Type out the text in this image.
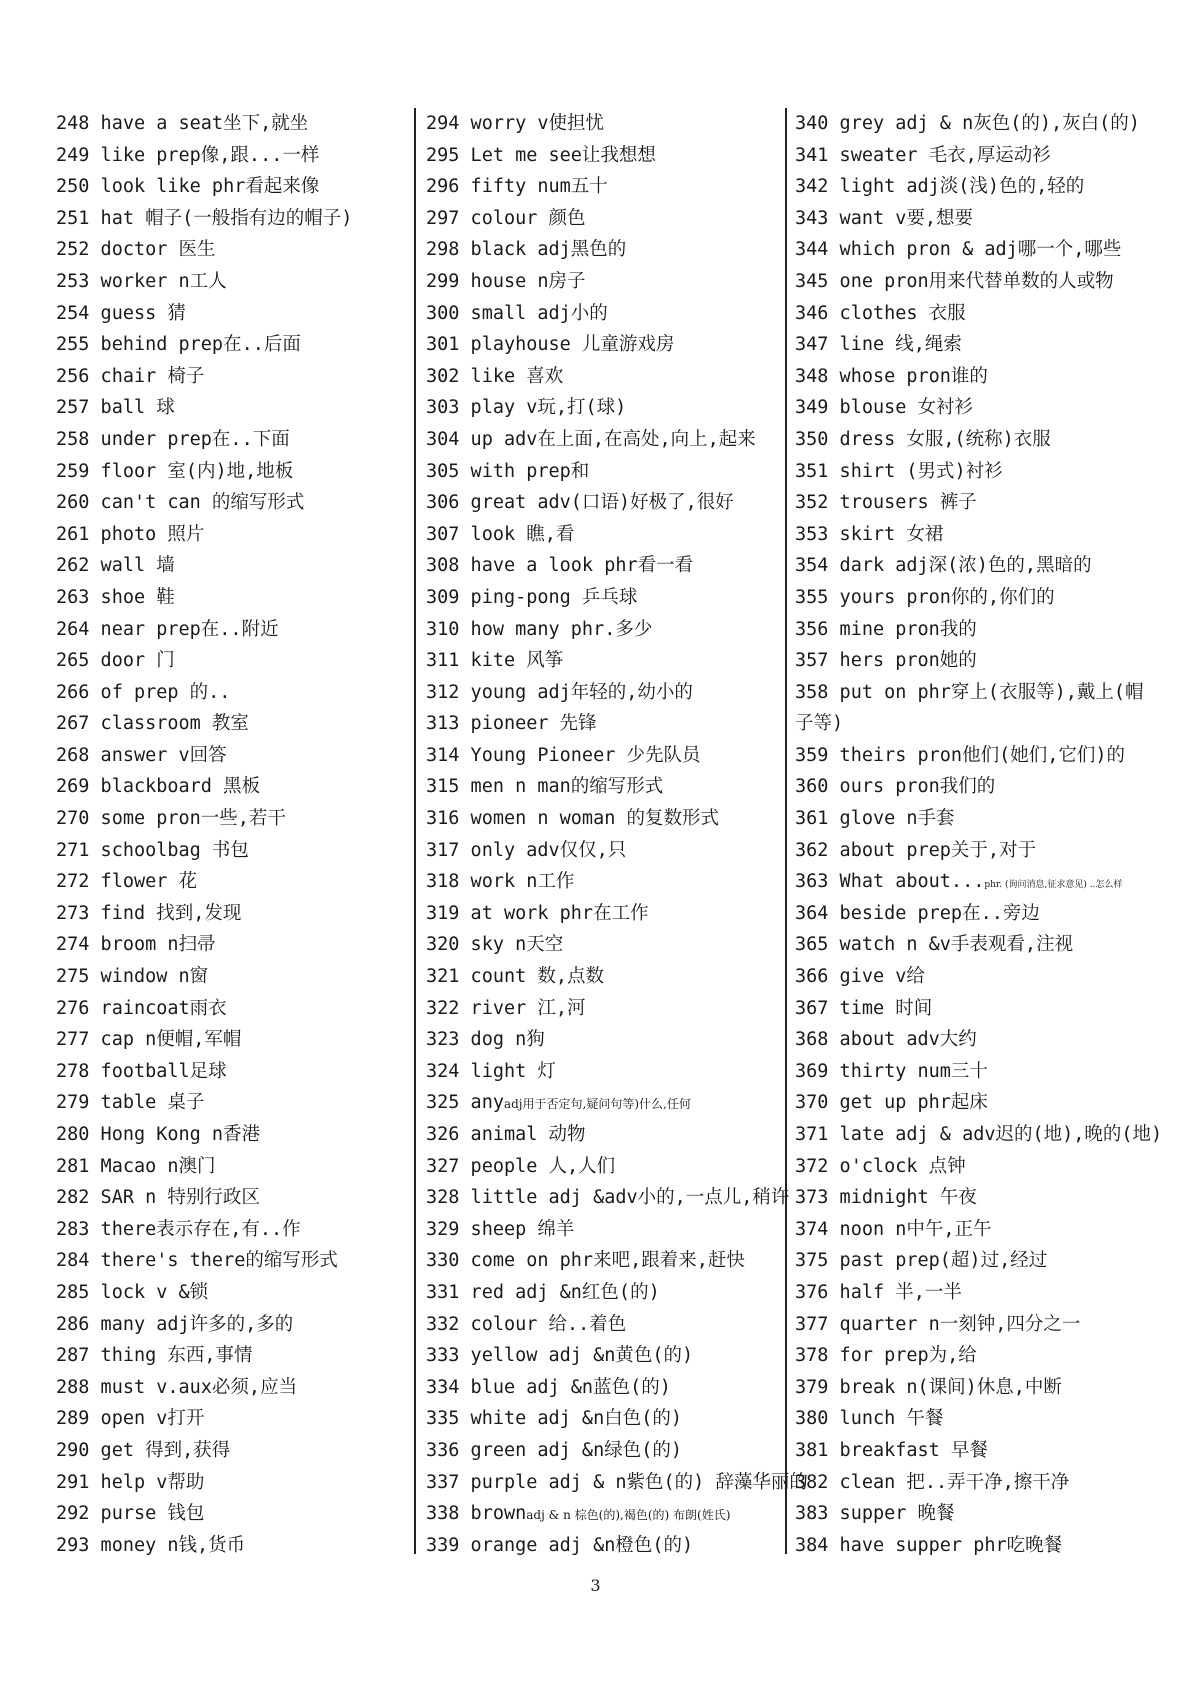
248 have a seat坐下,就坐
249 like prep像,跟...一样
250 look like phr看起来像
251 hat 帽子(一般指有边的帽子)
252 doctor 医生
253 worker n工人
254 guess 猜
255 behind prep在..后面
256 chair 椅子
257 ball 球
258 under prep在..下面
259 floor 室(内)地,地板
260 can't can 的缩写形式
261 photo 照片
262 wall 墙
263 shoe 鞋
264 near prep在..附近
265 door 门
266 of prep 的..
267 classroom 教室
268 answer v回答
269 blackboard 黑板
270 some pron一些,若干
271 schoolbag 书包
272 flower 花
273 find 找到,发现
274 broom n扫帚
275 window n窗
276 raincoat雨衣
277 cap n便帽,军帽
278 football足球
279 table 桌子
280 Hong Kong n香港
281 Macao n澳门
282 SAR n 特别行政区
283 there表示存在,有..作
284 there's there的缩写形式
285 lock v &锁
286 many adj许多的,多的
287 thing 东西,事情
288 must v.aux必须,应当
289 open v打开
290 get 得到,获得
291 help v帮助
292 purse 钱包
293 money n钱,货币
294 worry v使担忧
295 Let me see让我想想
296 fifty num五十
297 colour 颜色
298 black adj黑色的
299 house n房子
300 small adj小的
301 playhouse 儿童游戏房
302 like 喜欢
303 play v玩,打(球)
304 up adv在上面,在高处,向上,起来
305 with prep和
306 great adv(口语)好极了,很好
307 look 瞧,看
308 have a look phr看一看
309 ping-pong 乒乓球
310 how many phr.多少
311 kite 风筝
312 young adj年轻的,幼小的
313 pioneer 先锋
314 Young Pioneer 少先队员
315 men n man的缩写形式
316 women n woman 的复数形式
317 only adv仅仅,只
318 work n工作
319 at work phr在工作
320 sky n天空
321 count 数,点数
322 river 江,河
323 dog n狗
324 light 灯
325 anyadj用于否定句,疑问句等)什么,任何
326 animal 动物
327 people 人,人们
328 little adj &adv小的,一点儿,稍许
329 sheep 绵羊
330 come on phr来吧,跟着来,赶快
331 red adj &n红色(的)
332 colour 给..着色
333 yellow adj &n黄色(的)
334 blue adj &n蓝色(的)
335 white adj &n白色(的)
336 green adj &n绿色(的)
337 purple adj & n紫色(的) 辞藻华丽的
338 brownadj & n 棕色(的),褐色(的) 布朗(姓氏)
339 orange adj &n橙色(的)
340 grey adj & n灰色(的),灰白(的)
341 sweater 毛衣,厚运动衫
342 light adj淡(浅)色的,轻的
343 want v要,想要
344 which pron & adj哪一个,哪些
345 one pron用来代替单数的人或物
346 clothes 衣服
347 line 线,绳索
348 whose pron谁的
349 blouse 女衬衫
350 dress 女服,(统称)衣服
351 shirt (男式)衬衫
352 trousers 裤子
353 skirt 女裙
354 dark adj深(浓)色的,黑暗的
355 yours pron你的,你们的
356 mine pron我的
357 hers pron她的
358 put on phr穿上(衣服等),戴上(帽子等)
359 theirs pron他们(她们,它们)的
360 ours pron我们的
361 glove n手套
362 about prep关于,对于
363 What about...phr. (询问消息,征求意见) ..怎么样
364 beside prep在..旁边
365 watch n &v手表观看,注视
366 give v给
367 time 时间
368 about adv大约
369 thirty num三十
370 get up phr起床
371 late adj & adv迟的(地),晚的(地)
372 o'clock 点钟
373 midnight 午夜
374 noon n中午,正午
375 past prep(超)过,经过
376 half 半,一半
377 quarter n一刻钟,四分之一
378 for prep为,给
379 break n(课间)休息,中断
380 lunch 午餐
381 breakfast 早餐
382 clean 把..弄干净,擦干净
383 supper 晚餐
384 have supper phr吃晚餐
3
